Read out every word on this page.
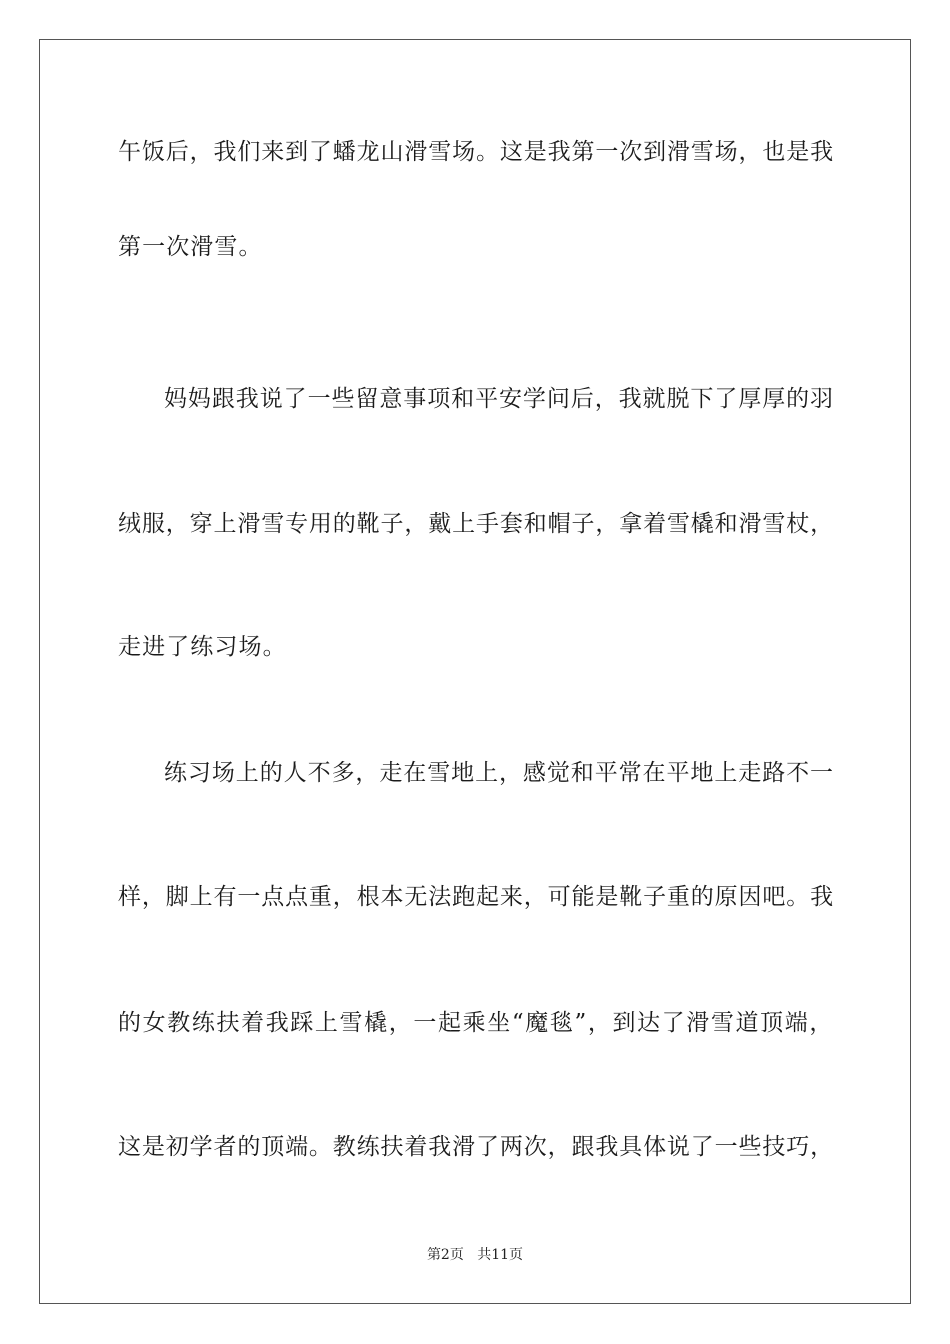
午饭后，我们来到了蟠龙山滑雪场。这是我第一次到滑雪场，也是我
第一次滑雪。
妈妈跟我说了一些留意事项和平安学问后，我就脱下了厚厚的羽
绒服，穿上滑雪专用的靴子，戴上手套和帽子，拿着雪橇和滑雪杖，
走进了练习场。
练习场上的人不多，走在雪地上，感觉和平常在平地上走路不一
样，脚上有一点点重，根本无法跑起来，可能是靴子重的原因吧。我
的女教练扶着我踩上雪橇，一起乘坐“魔毯”，到达了滑雪道顶端，
这是初学者的顶端。教练扶着我滑了两次，跟我具体说了一些技巧，
第2页 共11页
